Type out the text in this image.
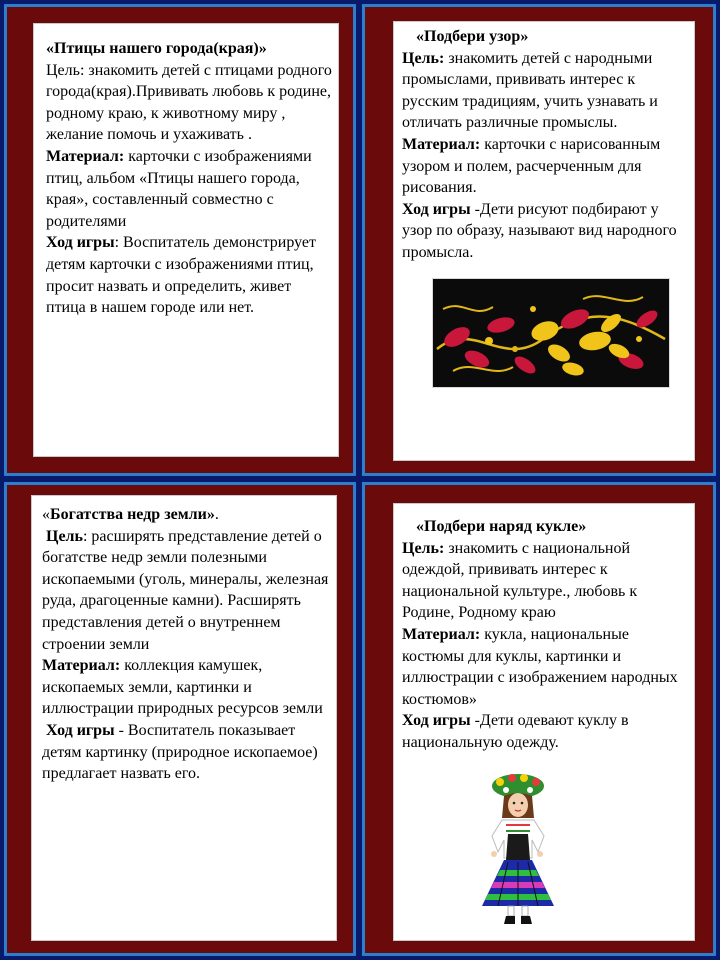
«Птицы нашего города(края)»

Цель: знакомить детей с птицами родного города(края).Прививать любовь к родине, родному краю, к животному миру , желание помочь и ухаживать .

Материал: карточки с изображениями птиц, альбом «Птицы нашего города, края», составленный совместно с родителями

Ход игры: Воспитатель демонстрирует детям карточки с изображениями птиц, просит назвать и определить, живет птица в нашем городе или нет.

«Подбери узор»

Цель: знакомить детей с народными промыслами, прививать интерес к русским традициям, учить узнавать и отличать различные промыслы.

Материал: карточки с нарисованным узором и полем, расчерченным для рисования.

Ход игры -Дети рисуют подбирают у узор по образу, называют вид народного промысла.

«Богатства недр земли».

Цель: расширять представление детей о богатстве недр земли полезными ископаемыми (уголь, минералы, железная руда, драгоценные камни). Расширять представления детей о внутреннем строении земли

Материал: коллекция камушек, ископаемых земли, картинки и иллюстрации природных ресурсов земли

Ход игры - Воспитатель показывает детям картинку (природное ископаемое) предлагает назвать его.

«Подбери наряд кукле»

Цель: знакомить с национальной одеждой, прививать интерес к национальной культуре., любовь к Родине, Родному краю

Материал: кукла, национальные костюмы для куклы, картинки и иллюстрации с изображением народных костюмов»

Ход игры -Дети одевают куклу в национальную одежду.
